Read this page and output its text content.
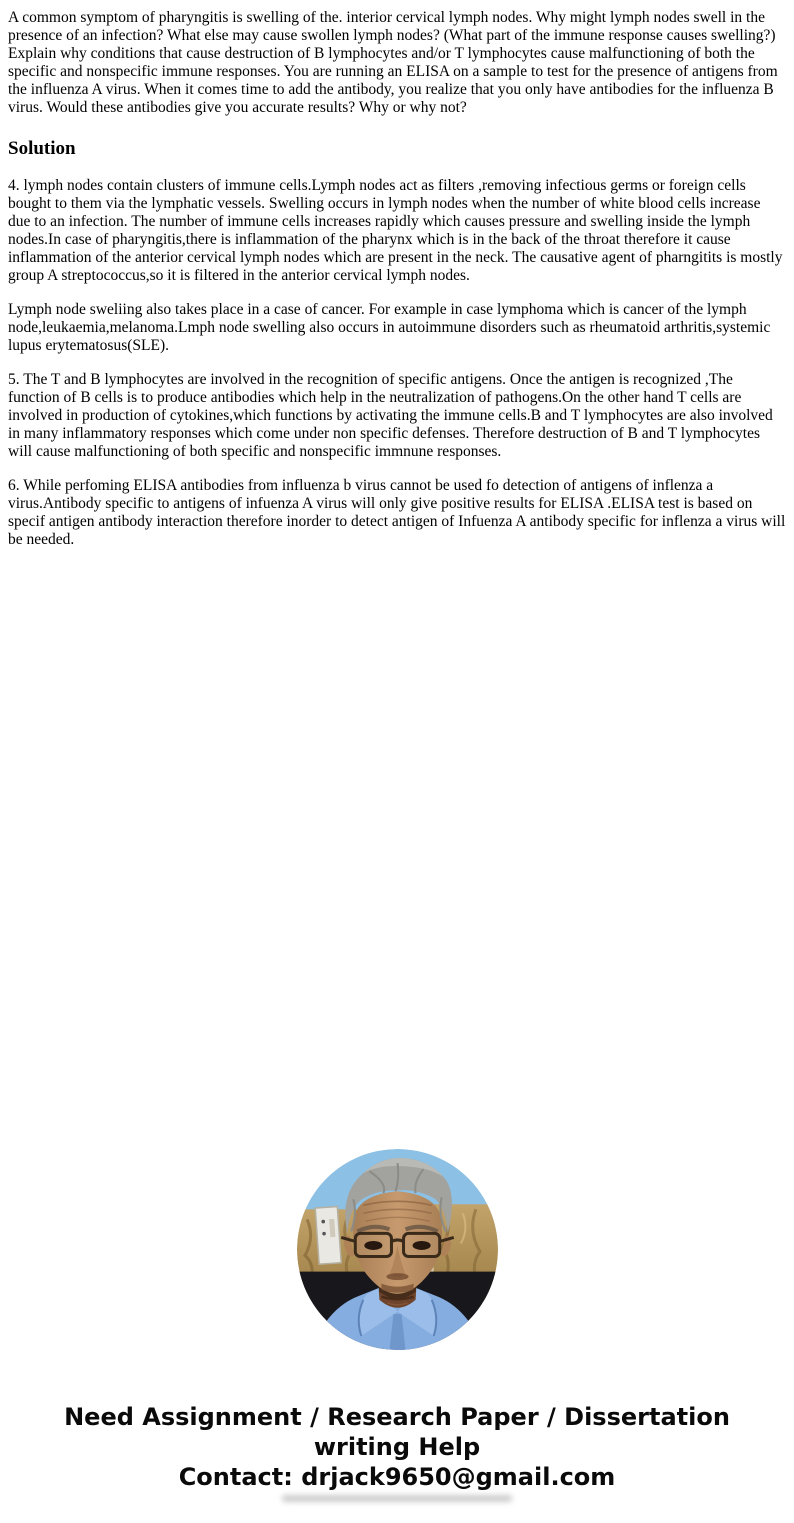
A common symptom of pharyngitis is swelling of the. interior cervical lymph nodes. Why might lymph nodes swell in the presence of an infection? What else may cause swollen lymph nodes? (What part of the immune response causes swelling?) Explain why conditions that cause destruction of B lymphocytes and/or T lymphocytes cause malfunctioning of both the specific and nonspecific immune responses. You are running an ELISA on a sample to test for the presence of antigens from the influenza A virus. When it comes time to add the antibody, you realize that you only have antibodies for the influenza B virus. Would these antibodies give you accurate results? Why or why not?

Solution

4. lymph nodes contain clusters of immune cells.Lymph nodes act as filters ,removing infectious germs or foreign cells bought to them via the lymphatic vessels. Swelling occurs in lymph nodes when the number of white blood cells increase due to an infection. The number of immune cells increases rapidly which causes pressure and swelling inside the lymph nodes.In case of pharyngitis,there is inflammation of the pharynx which is in the back of the throat therefore it cause inflammation of the anterior cervical lymph nodes which are present in the neck. The causative agent of pharngitits is mostly group A streptococcus,so it is filtered in the anterior cervical lymph nodes.

Lymph node sweliing also takes place in a case of cancer. For example in case lymphoma which is cancer of the lymph node,leukaemia,melanoma.Lmph node swelling also occurs in autoimmune disorders such as rheumatoid arthritis,systemic lupus erytematosus(SLE).

5. The T and B lymphocytes are involved in the recognition of specific antigens. Once the antigen is recognized ,The function of B cells is to produce antibodies which help in the neutralization of pathogens.On the other hand T cells are involved in production of cytokines,which functions by activating the immune cells.B and T lymphocytes are also involved in many inflammatory responses which come under non specific defenses. Therefore destruction of B and T lymphocytes will cause malfunctioning of both specific and nonspecific immnune responses.

6. While perfoming ELISA antibodies from influenza b virus cannot be used fo detection of antigens of inflenza a virus.Antibody specific to antigens of infuenza A virus will only give positive results for ELISA .ELISA test is based on specif antigen antibody interaction therefore inorder to detect antigen of Infuenza A antibody specific for inflenza a virus will be needed.

Need Assignment / Research Paper / Dissertation writing Help
Contact: drjack9650@gmail.com
